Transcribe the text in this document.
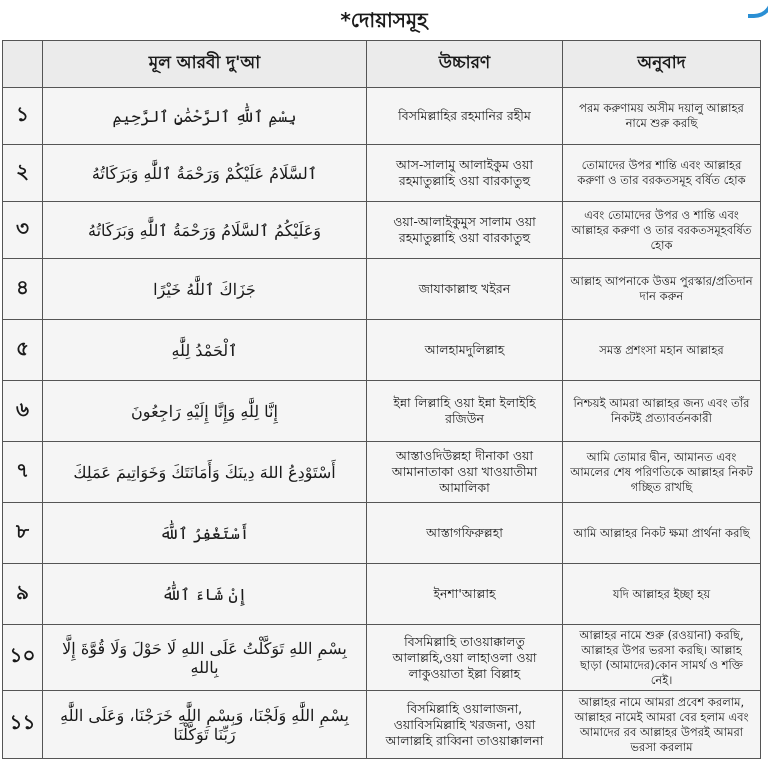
*দোয়াসমূহ
	মূল আরবী দু'আ	উচ্চারণ	অনুবাদ
১	بِسْمِ ٱللَّٰهِ ٱلرَّحْمَٰنِ ٱلرَّحِيمِ	বিসমিল্লাহির রহমানির রহীম	পরম করুণাময় অসীম দয়ালু আল্লাহর নামে শুরু করছি
২	ٱلسَّلَامُ عَلَيْكُمْ وَرَحْمَةُ ٱللَّٰهِ وَبَرَكَاتُهُ	আস-সালামু আলাইকুম ওয়া রহমাতুল্লাহি ওয়া বারকাতুহু	তোমাদের উপর শান্তি এবং আল্লাহর করুণা ও তার বরকতসমূহ বর্ষিত হোক
৩	وَعَلَيْكُمُ ٱلسَّلَامُ وَرَحْمَةُ ٱللَّٰهِ وَبَرَكَاتُهُ	ওয়া-আলাইকুমুস সালাম ওয়া রহমাতুল্লাহি ওয়া বারকাতুহু	এবং তোমাদের উপর ও শান্তি এবং আল্লাহর করুণা ও তার বরকতসমূহবর্ষিত হোক
৪	جَزَاكَ ٱللَّٰهُ خَيْرًا	জাযাকাল্লাহু খইরন	আল্লাহ আপনাকে উত্তম পুরস্কার/প্রতিদান দান করুন
৫	ٱلْحَمْدُ لِلَّٰهِ	আলহামদুলিল্লাহ	সমস্ত প্রশংসা মহান আল্লাহর
৬	إِنَّا لِلَّٰهِ وَإِنَّا إِلَيْهِ رَاجِعُونَ	ইন্না লিল্লাহি ওয়া ইন্না ইলাইহি রজিউন	নিশ্চয়ই আমরা আল্লাহর জন্য এবং তাঁর নিকটই প্রত্যাবর্তনকারী
৭	أَسْتَوْدِعُ اللهَ دِينَكَ وَأَمَانَتَكَ وَخَوَاتِيمَ عَمَلِكَ	আস্তাওদিউল্লহা দীনাকা ওয়া আমানাতাকা ওয়া খাওয়াতীমা আমালিকা	আমি তোমার দ্বীন, আমানত এবং আমলের শেষ পরিণতিকে আল্লাহর নিকট গচ্ছিত রাখছি
৮	أَسْتَغْفِرُ ٱللَّٰهَ	আস্তাগফিরুল্লহা	আমি আল্লাহর নিকট ক্ষমা প্রার্থনা করছি
৯	إِنْ شَاءَ ٱللَّٰهُ	ইনশা'আল্লাহ	যদি আল্লাহর ইচ্ছা হয়
১০	بِسْمِ اللهِ تَوَكَّلْتُ عَلَى اللهِ لَا حَوْلَ وَلَا قُوَّةَ إِلَّا بِاللهِ	বিসমিল্লাহি তাওয়াক্কালতু আলাল্লহি,ওয়া লাহাওলা ওয়া লাকুওয়াতা ইল্লা বিল্লাহ	আল্লাহর নামে শুরু (রওয়ানা) করছি, আল্লাহর উপর ভরসা করছি। আল্লাহ ছাড়া (আমাদের)কোন সামর্থ ও শক্তি নেই।
১১	بِسْمِ اللَّٰهِ وَلَجْنَا، وَبِسْمِ اللَّٰهِ خَرَجْنَا، وَعَلَى اللَّٰهِ رَبِّنَا تَوَكَّلْنَا	বিসমিল্লাহি ওয়ালাজনা, ওয়াবিসমিল্লাহি খরজনা, ওয়া আলাল্লহি রাব্বিনা তাওয়াক্কালনা	আল্লাহর নামে আমরা প্রবেশ করলাম, আল্লাহর নামেই আমরা বের হলাম এবং আমাদের রব আল্লাহর উপরই আমরা ভরসা করলাম
